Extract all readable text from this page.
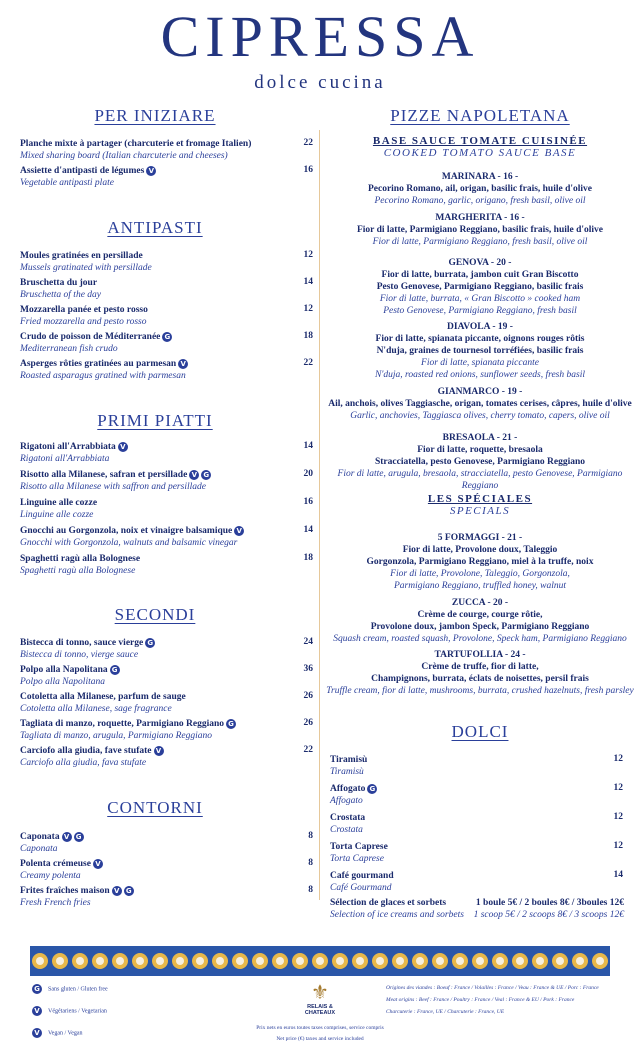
CIPRESSA
dolce cucina
PER INIZIARE
Planche mixte à partager (charcuterie et fromage Italien)
Mixed sharing board (Italian charcuterie and cheeses)
22
Assiette d'antipasti de légumes V
Vegetable antipasti plate
16
ANTIPASTI
Moules gratinées en persillade
Mussels gratinated with persillade
12
Bruschetta du jour
Bruschetta of the day
14
Mozzarella panée et pesto rosso
Fried mozzarella and pesto rosso
12
Crudo de poisson de Méditerranée G
Mediterranean fish crudo
18
Asperges rôties gratinées au parmesan V
Roasted asparagus gratined with parmesan
22
PRIMI PIATTI
Rigatoni all'Arrabbiata V
Rigatoni all'Arrabbiata
14
Risotto alla Milanese, safran et persillade V G
Risotto alla Milanese with saffron and persillade
20
Linguine alle cozze
Linguine alle cozze
16
Gnocchi au Gorgonzola, noix et vinaigre balsamique V
Gnocchi with Gorgonzola, walnuts and balsamic vinegar
14
Spaghetti ragù alla Bolognese
Spaghetti ragù alla Bolognese
18
SECONDI
Bistecca di tonno, sauce vierge G
Bistecca di tonno, vierge sauce
24
Polpo alla Napolitana G
Polpo alla Napolitana
36
Cotoletta alla Milanese, parfum de sauge
Cotoletta alla Milanese, sage fragrance
26
Tagliata di manzo, roquette, Parmigiano Reggiano G
Tagliata di manzo, arugula, Parmigiano Reggiano
26
Carciofo alla giudia, fave stufate V
Carciofo alla giudia, fava stufate
22
CONTORNI
Caponata V G
Caponata
8
Polenta crémeuse V
Creamy polenta
8
Frites fraîches maison V G
Fresh French fries
8
PIZZE NAPOLETANA
BASE SAUCE TOMATE CUISINÉE
COOKED TOMATO SAUCE BASE
MARINARA - 16 -
Pecorino Romano, ail, origan, basilic frais, huile d'olive
Pecorino Romano, garlic, origano, fresh basil, olive oil
MARGHERITA - 16 -
Fior di latte, Parmigiano Reggiano, basilic frais, huile d'olive
Fior di latte, Parmigiano Reggiano, fresh basil, olive oil
GENOVA - 20 -
Fior di latte, burrata, jambon cuit Gran Biscotto
Pesto Genovese, Parmigiano Reggiano, basilic frais
Fior di latte, burrata, « Gran Biscotto » cooked ham
Pesto Genovese, Parmigiano Reggiano, fresh basil
DIAVOLA - 19 -
Fior di latte, spianata piccante, oignons rouges rôtis
N'duja, graines de tournesol torréfiées, basilic frais
Fior di latte, spianata piccante
N'duja, roasted red onions, sunflower seeds, fresh basil
GIANMARCO - 19 -
Ail, anchois, olives Taggiasche, origan, tomates cerises, câpres, huile d'olive
Garlic, anchovies, Taggiasca olives, cherry tomato, capers, olive oil
BRESAOLA - 21 -
Fior di latte, roquette, bresaola
Stracciatella, pesto Genovese, Parmigiano Reggiano
Fior di latte, arugula, bresaola, stracciatella, pesto Genovese, Parmigiano Reggiano
LES SPÉCIALES
SPECIALS
5 FORMAGGI - 21 -
Fior di latte, Provolone doux, Taleggio
Gorgonzola, Parmigiano Reggiano, miel à la truffe, noix
Fior di latte, Provolone, Taleggio, Gorgonzola,
Parmigiano Reggiano, truffled honey, walnut
ZUCCA - 20 -
Crème de courge, courge rôtie,
Provolone doux, jambon Speck, Parmigiano Reggiano
Squash cream, roasted squash, Provolone, Speck ham, Parmigiano Reggiano
TARTUFOLLIA - 24 -
Crème de truffe, fior di latte,
Champignons, burrata, éclats de noisettes, persil frais
Truffle cream, fior di latte, mushrooms, burrata, crushed hazelnuts, fresh parsley
DOLCI
Tiramisù
Tiramisù
12
Affogato G
Affogato
12
Crostata
Crostata
12
Torta Caprese
Torta Caprese
12
Café gourmand
Café Gourmand
14
Sélection de glaces et sorbets
Selection of ice creams and sorbets
1 boule 5€ / 2 boules 8€ / 3boules 12€
1 scoop 5€ / 2 scoops 8€ / 3 scoops 12€
G Sans gluten / Gluten free
V Végétariens / Vegetarian
V Vegan / Vegan
⚜
RELAIS & CHATEAUX
Prix nets en euros toutes taxes comprises, service compris
Net price (€) taxes and service included
Origines des viandes : Boeuf : France / Volailles : France / Veau : France & UE / Porc : France
Meat origins : Beef : France / Poultry : France / Veal : France & EU / Pork : France
Charcuterie : France, UE / Charcuterie : France, UE
